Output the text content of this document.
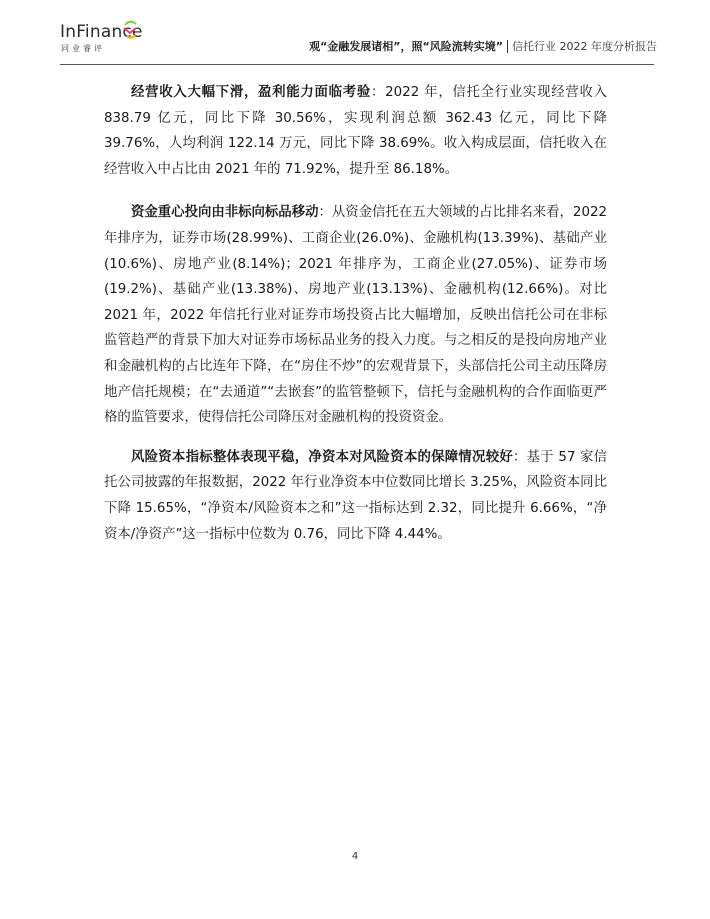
InFinance
同业睿评	观“金融发展诸相”，照“风险流转实境” 信托行业 2022 年度分析报告

经营收入大幅下滑，盈利能力面临考验：2022 年，信托全行业实现经营收入 838.79 亿元，同比下降 30.56%，实现利润总额 362.43 亿元，同比下降 39.76%，人均利润 122.14 万元，同比下降 38.69%。收入构成层面，信托收入在经营收入中占比由 2021 年的 71.92%，提升至 86.18%。

资金重心投向由非标向标品移动：从资金信托在五大领域的占比排名来看，2022 年排序为，证券市场(28.99%)、工商企业(26.0%)、金融机构(13.39%)、基础产业(10.6%)、房地产业(8.14%)；2021 年排序为，工商企业(27.05%)、证券市场(19.2%)、基础产业(13.38%)、房地产业(13.13%)、金融机构(12.66%)。对比 2021 年，2022 年信托行业对证券市场投资占比大幅增加，反映出信托公司在非标监管趋严的背景下加大对证券市场标品业务的投入力度。与之相反的是投向房地产业和金融机构的占比连年下降，在“房住不炒”的宏观背景下，头部信托公司主动压降房地产信托规模；在“去通道”“去嵌套”的监管整顿下，信托与金融机构的合作面临更严格的监管要求，使得信托公司降压对金融机构的投资资金。

风险资本指标整体表现平稳，净资本对风险资本的保障情况较好：基于 57 家信托公司披露的年报数据，2022 年行业净资本中位数同比增长 3.25%，风险资本同比下降 15.65%，“净资本/风险资本之和”这一指标达到 2.32，同比提升 6.66%，“净资本/净资产”这一指标中位数为 0.76，同比下降 4.44%。

4
